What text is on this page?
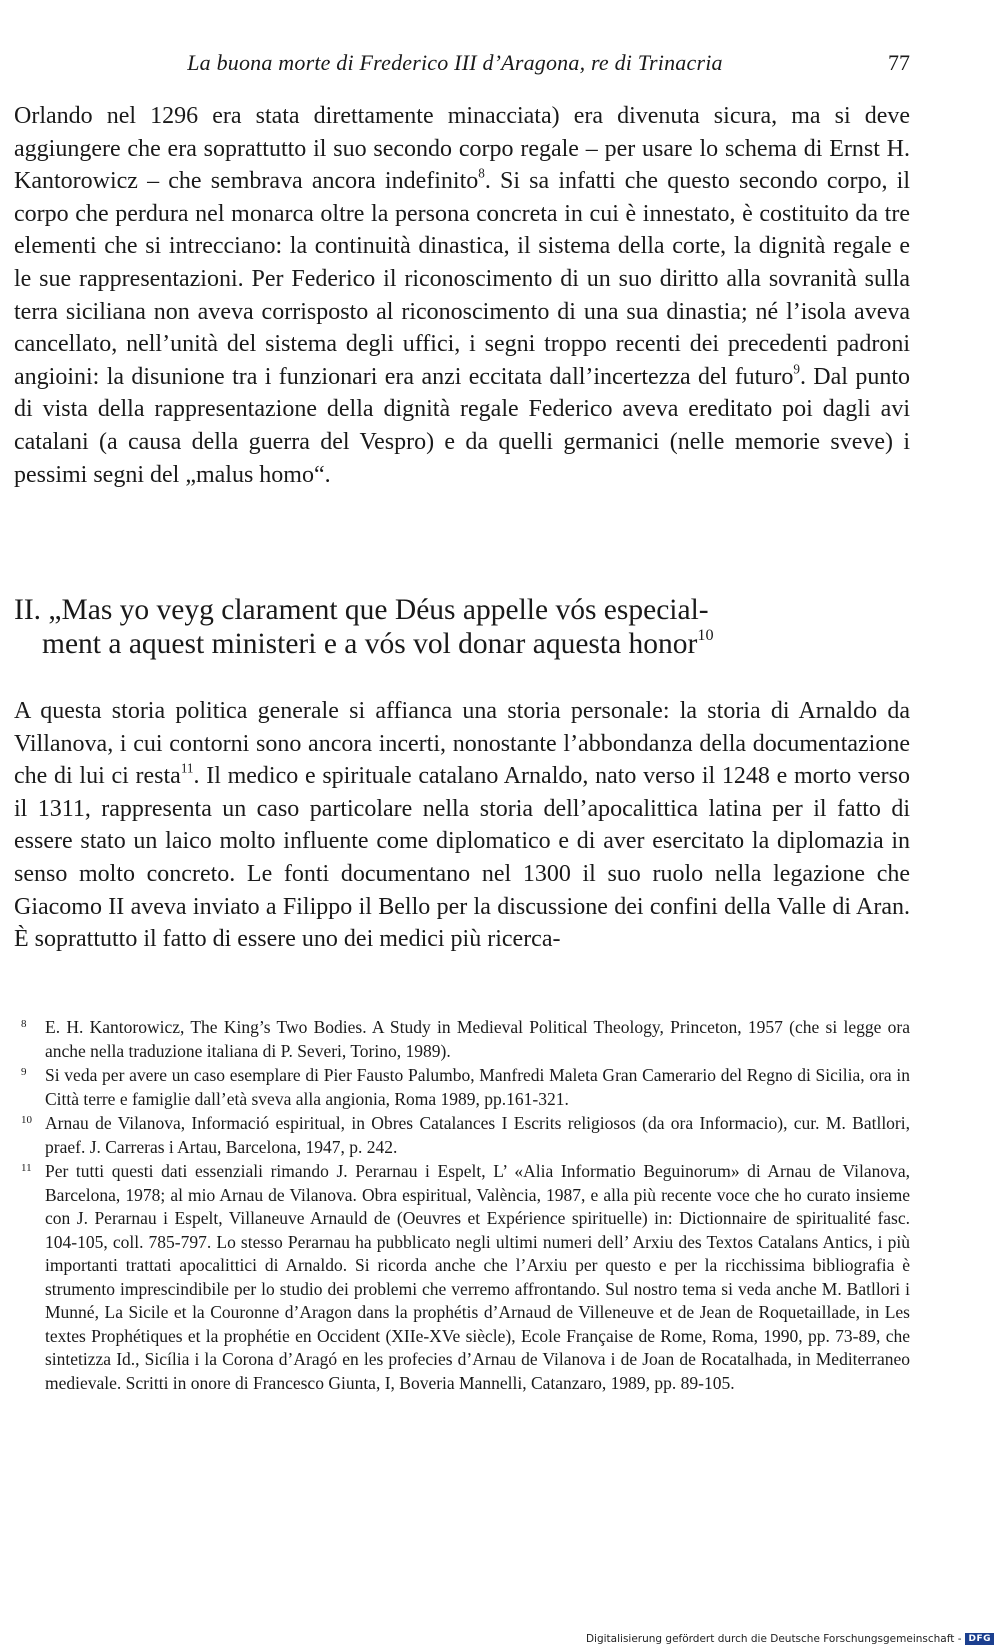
La buona morte di Frederico III d’Aragona, re di Trinacria	77

Orlando nel 1296 era stata direttamente minacciata) era divenuta sicura, ma si deve aggiungere che era soprattutto il suo secondo corpo regale – per usare lo schema di Ernst H. Kantorowicz – che sembrava ancora indefinito$^8$. Si sa infatti che questo secondo corpo, il corpo che perdura nel monarca oltre la persona concreta in cui è innestato, è costituito da tre elementi che si intrecciano: la continuità dinastica, il sistema della corte, la dignità regale e le sue rappresentazioni. Per Federico il riconoscimento di un suo diritto alla sovranità sulla terra siciliana non aveva corrisposto al riconoscimento di una sua dinastia; né l’isola aveva cancellato, nell’unità del sistema degli uffici, i segni troppo recenti dei precedenti padroni angioini: la disunione tra i funzionari era anzi eccitata dall’incertezza del futuro$^9$. Dal punto di vista della rappresentazione della dignità regale Federico aveva ereditato poi dagli avi catalani (a causa della guerra del Vespro) e da quelli germanici (nelle memorie sveve) i pessimi segni del „malus homo“.

II. „Mas yo veyg clarament que Déus appelle vós especial-
ment a aquest ministeri e a vós vol donar aquesta honor$^{10}$

A questa storia politica generale si affianca una storia personale: la storia di Arnaldo da Villanova, i cui contorni sono ancora incerti, nonostante l’abbondanza della documentazione che di lui ci resta$^{11}$. Il medico e spirituale catalano Arnaldo, nato verso il 1248 e morto verso il 1311, rappresenta un caso particolare nella storia dell’apocalittica latina per il fatto di essere stato un laico molto influente come diplomatico e di aver esercitato la diplomazia in senso molto concreto. Le fonti documentano nel 1300 il suo ruolo nella legazione che Giacomo II aveva inviato a Filippo il Bello per la discussione dei confini della Valle di Aran. È soprattutto il fatto di essere uno dei medici più ricerca-

8	E. H. Kantorowicz, The King’s Two Bodies. A Study in Medieval Political Theology, Princeton, 1957 (che si legge ora anche nella traduzione italiana di P. Severi, Torino, 1989).
9	Si veda per avere un caso esemplare di Pier Fausto Palumbo, Manfredi Maleta Gran Camerario del Regno di Sicilia, ora in Città terre e famiglie dall’età sveva alla angionia, Roma 1989, pp.161-321.
10 Arnau de Vilanova, Informació espiritual, in Obres Catalances I Escrits religiosos (da ora Informacio), cur. M. Batllori, praef. J. Carreras i Artau, Barcelona, 1947, p. 242.
11 Per tutti questi dati essenziali rimando J. Perarnau i Espelt, L’ «Alia Informatio Beguinorum» di Arnau de Vilanova, Barcelona, 1978; al mio Arnau de Vilanova. Obra espiritual, València, 1987, e alla più recente voce che ho curato insieme con J. Perarnau i Espelt, Villaneuve Arnauld de (Oeuvres et Expérience spirituelle) in: Dictionnaire de spiritualité fasc. 104-105, coll. 785-797. Lo stesso Perarnau ha pubblicato negli ultimi numeri dell’ Arxiu des Textos Catalans Antics, i più importanti trattati apocalittici di Arnaldo. Si ricorda anche che l’Arxiu per questo e per la ricchissima bibliografia è strumento imprescindibile per lo studio dei problemi che verremo affrontando. Sul nostro tema si veda anche M. Batllori i Munné, La Sicile et la Couronne d’Aragon dans la prophétis d’Arnaud de Villeneuve et de Jean de Roquetaillade, in Les textes Prophétiques et la prophétie en Occident (XIIe-XVe siècle), Ecole Française de Rome, Roma, 1990, pp. 73-89, che sintetizza Id., Sicília i la Corona d’Aragó en les profecies d’Arnau de Vilanova i de Joan de Rocatalhada, in Mediterraneo medievale. Scritti in onore di Francesco Giunta, I, Boveria Mannelli, Catanzaro, 1989, pp. 89-105.
Digitalisierung gefördert durch die Deutsche Forschungsgemeinschaft - DFG
